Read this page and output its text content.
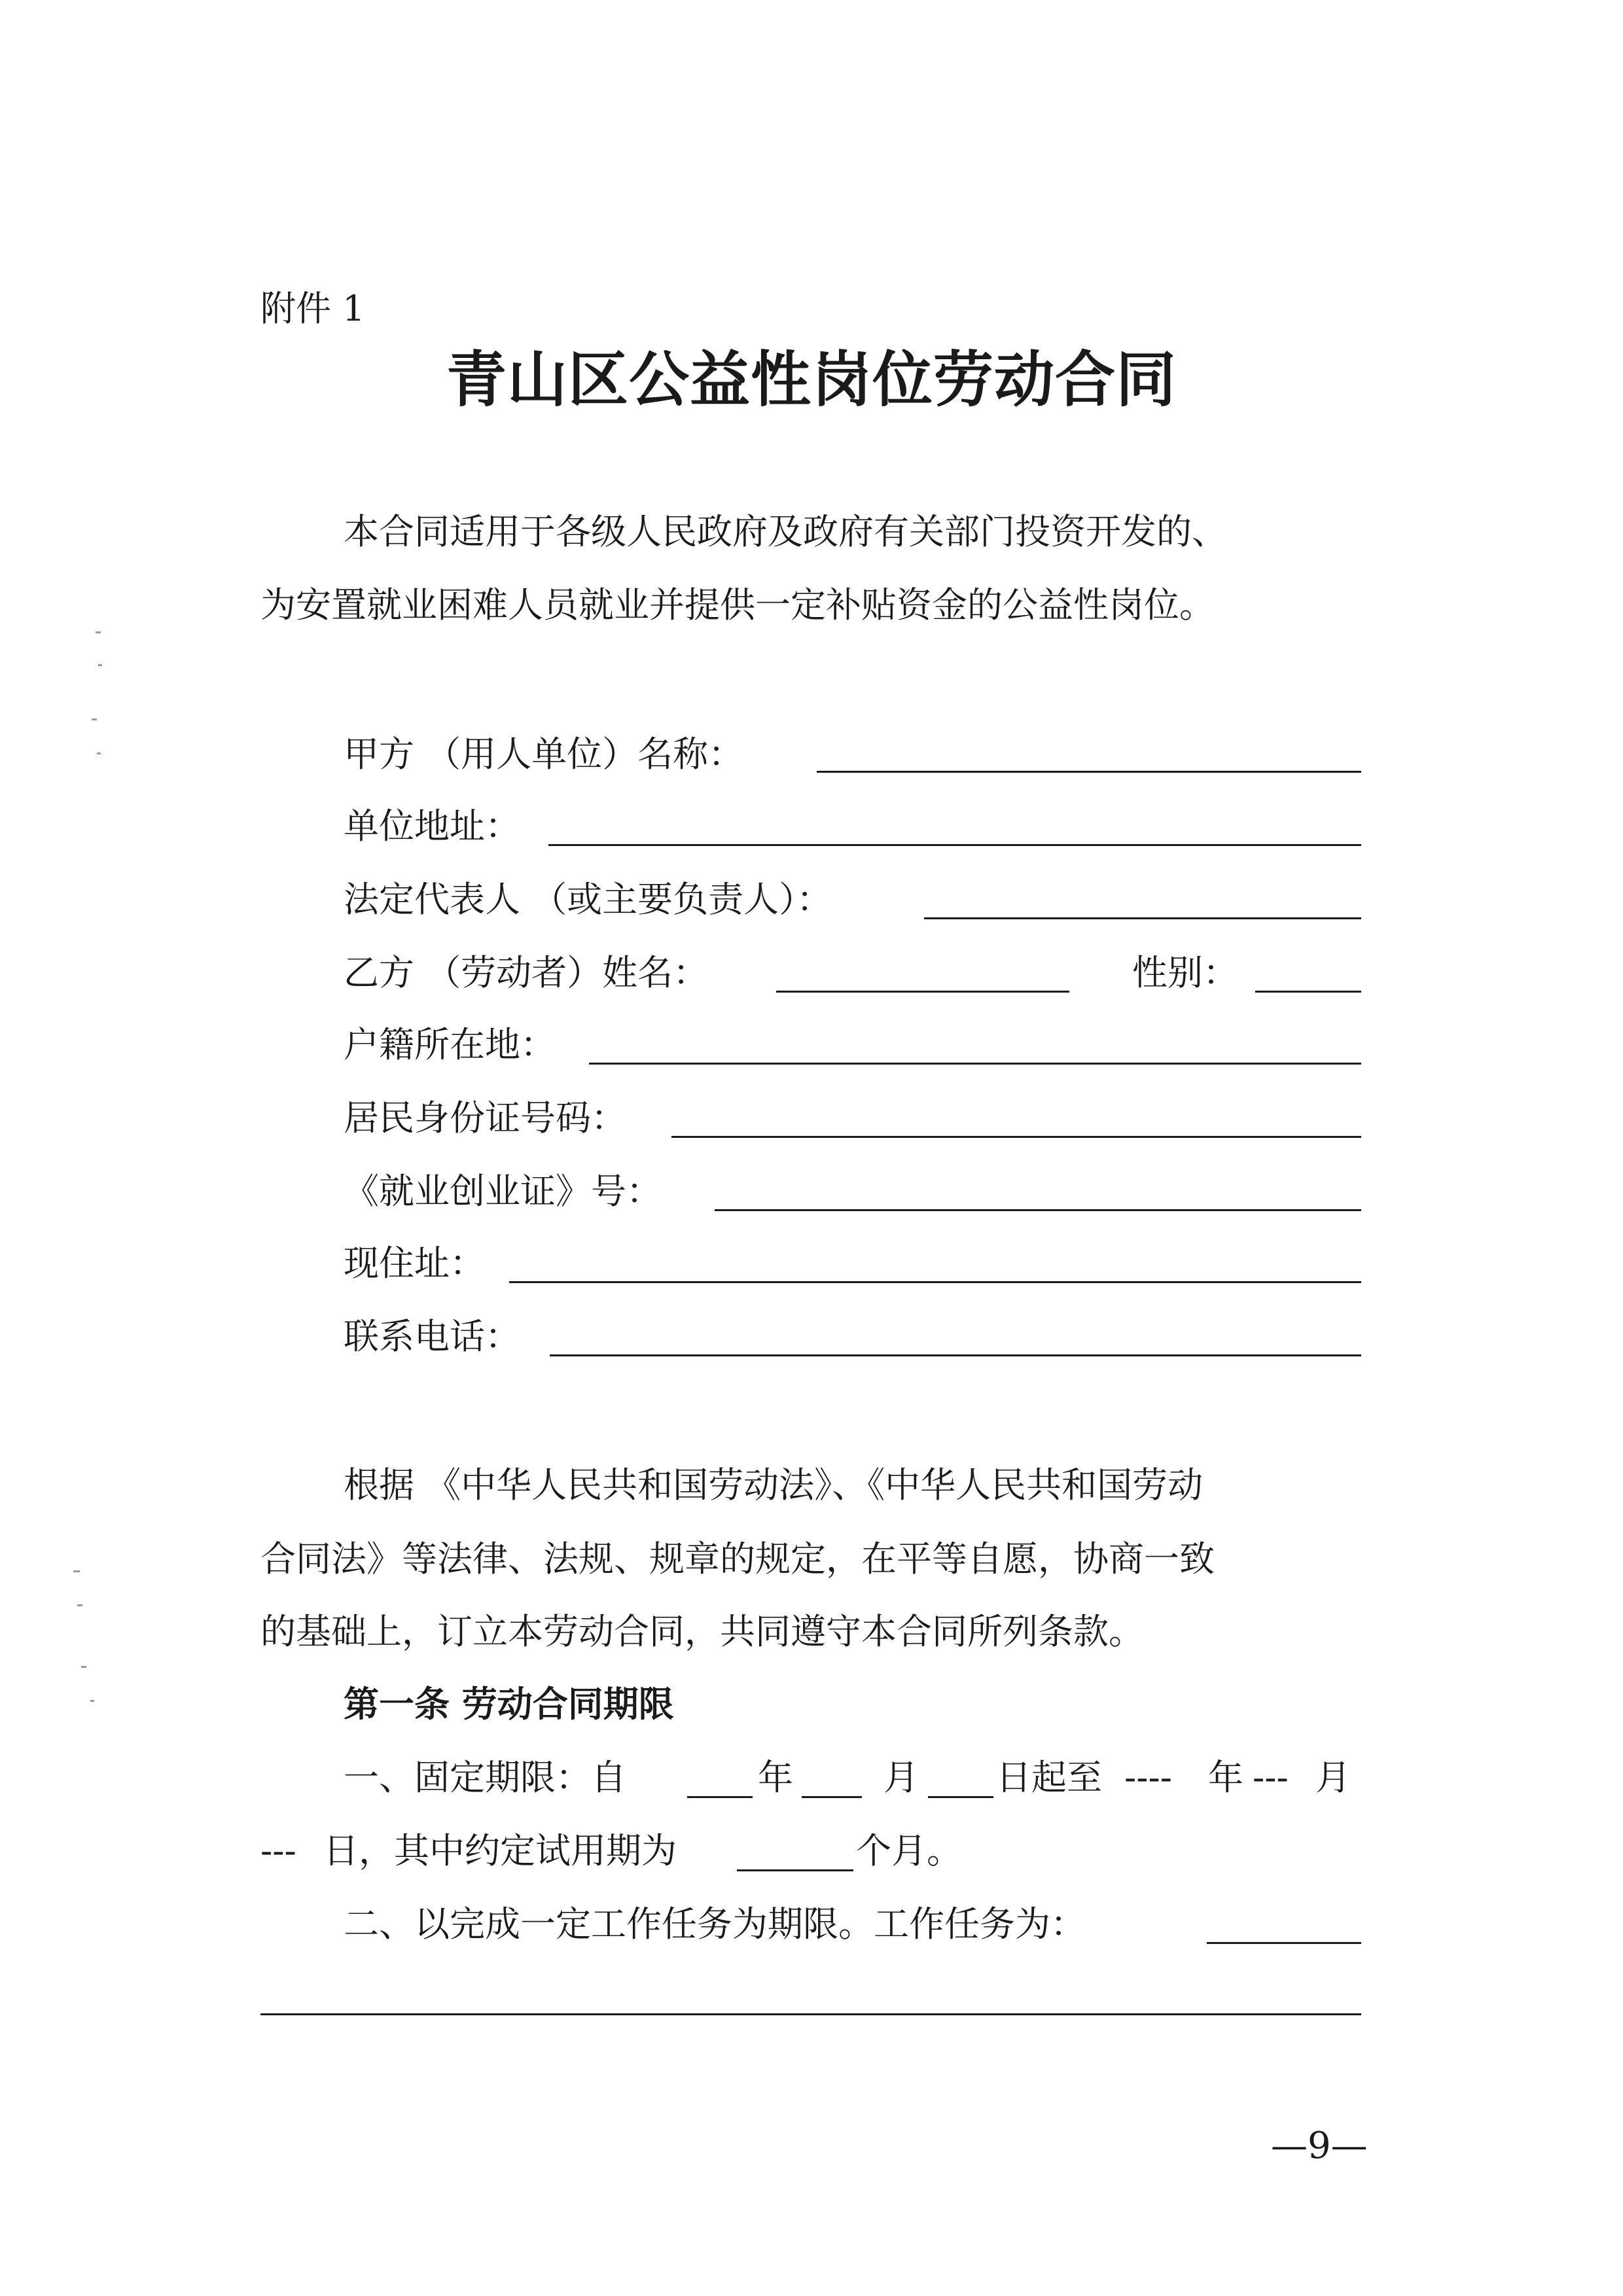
附件 1
青山区公益性岗位劳动合同
本合同适用于各级人民政府及政府有关部门投资开发的、
为安置就业困难人员就业并提供一定补贴资金的公益性岗位。
甲方 （用人单位）名称：
单位地址：
法定代表人 （或主要负责人）：
乙方 （劳动者）姓名：	性别：
户籍所在地：
居民身份证号码：
《就业创业证》号：
现住址：
联系电话：
根据 《中华人民共和国劳动法》、《中华人民共和国劳动
合同法》等法律、法规、规章的规定，在平等自愿，协商一致
的基础上，订立本劳动合同，共同遵守本合同所列条款。
第一条 劳动合同期限
一、固定期限：自	年	月 日起至 ---- 年 --- 月
--- 日，其中约定试用期为	个月。
二、以完成一定工作任务为期限。工作任务为：
—9—
